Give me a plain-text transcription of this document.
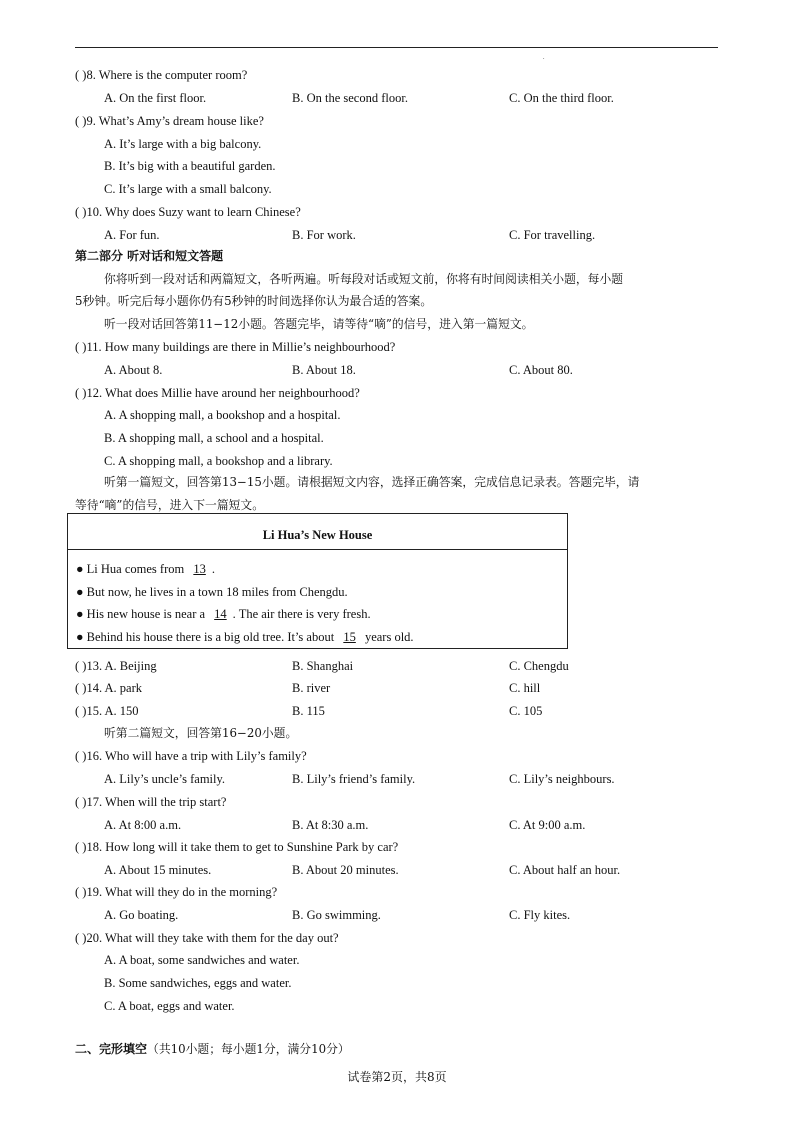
.
( )8. Where is the computer room?
A. On the first floor.	B. On the second floor.	C. On the third floor.
( )9. What’s Amy’s dream house like?
A. It’s large with a big balcony.
B. It’s big with a beautiful garden.
C. It’s large with a small balcony.
( )10. Why does Suzy want to learn Chinese?
A. For fun.	B. For work.	C. For travelling.
第二部分 听对话和短文答题
你将听到一段对话和两篇短文，各听两遍。听每段对话或短文前，你将有时间阅读相关小题，每小题
5秒钟。听完后每小题你仍有5秒钟的时间选择你认为最合适的答案。
听一段对话回答第11−12小题。答题完毕，请等待“嘀”的信号，进入第一篇短文。
( )11. How many buildings are there in Millie’s neighbourhood?
A. About 8.	B. About 18.	C. About 80.
( )12. What does Millie have around her neighbourhood?
A. A shopping mall, a bookshop and a hospital.
B. A shopping mall, a school and a hospital.
C. A shopping mall, a bookshop and a library.
听第一篇短文，回答第13−15小题。请根据短文内容，选择正确答案，完成信息记录表。答题完毕，请
等待“嘀”的信号，进入下一篇短文。
Li Hua’s New House
● Li Hua comes from 13 .
● But now, he lives in a town 18 miles from Chengdu.
● His new house is near a 14 . The air there is very fresh.
● Behind his house there is a big old tree. It’s about 15 years old.
( )13. A. Beijing	B. Shanghai	C. Chengdu
( )14. A. park	B. river	C. hill
( )15. A. 150	B. 115	C. 105
听第二篇短文，回答第16−20小题。
( )16. Who will have a trip with Lily’s family?
A. Lily’s uncle’s family.	B. Lily’s friend’s family.	C. Lily’s neighbours.
( )17. When will the trip start?
A. At 8:00 a.m.	B. At 8:30 a.m.	C. At 9:00 a.m.
( )18. How long will it take them to get to Sunshine Park by car?
A. About 15 minutes.	B. About 20 minutes.	C. About half an hour.
( )19. What will they do in the morning?
A. Go boating.	B. Go swimming.	C. Fly kites.
( )20. What will they take with them for the day out?
A. A boat, some sandwiches and water.
B. Some sandwiches, eggs and water.
C. A boat, eggs and water.
二、完形填空（共10小题；每小题1分，满分10分）
试卷第2页，共8页
